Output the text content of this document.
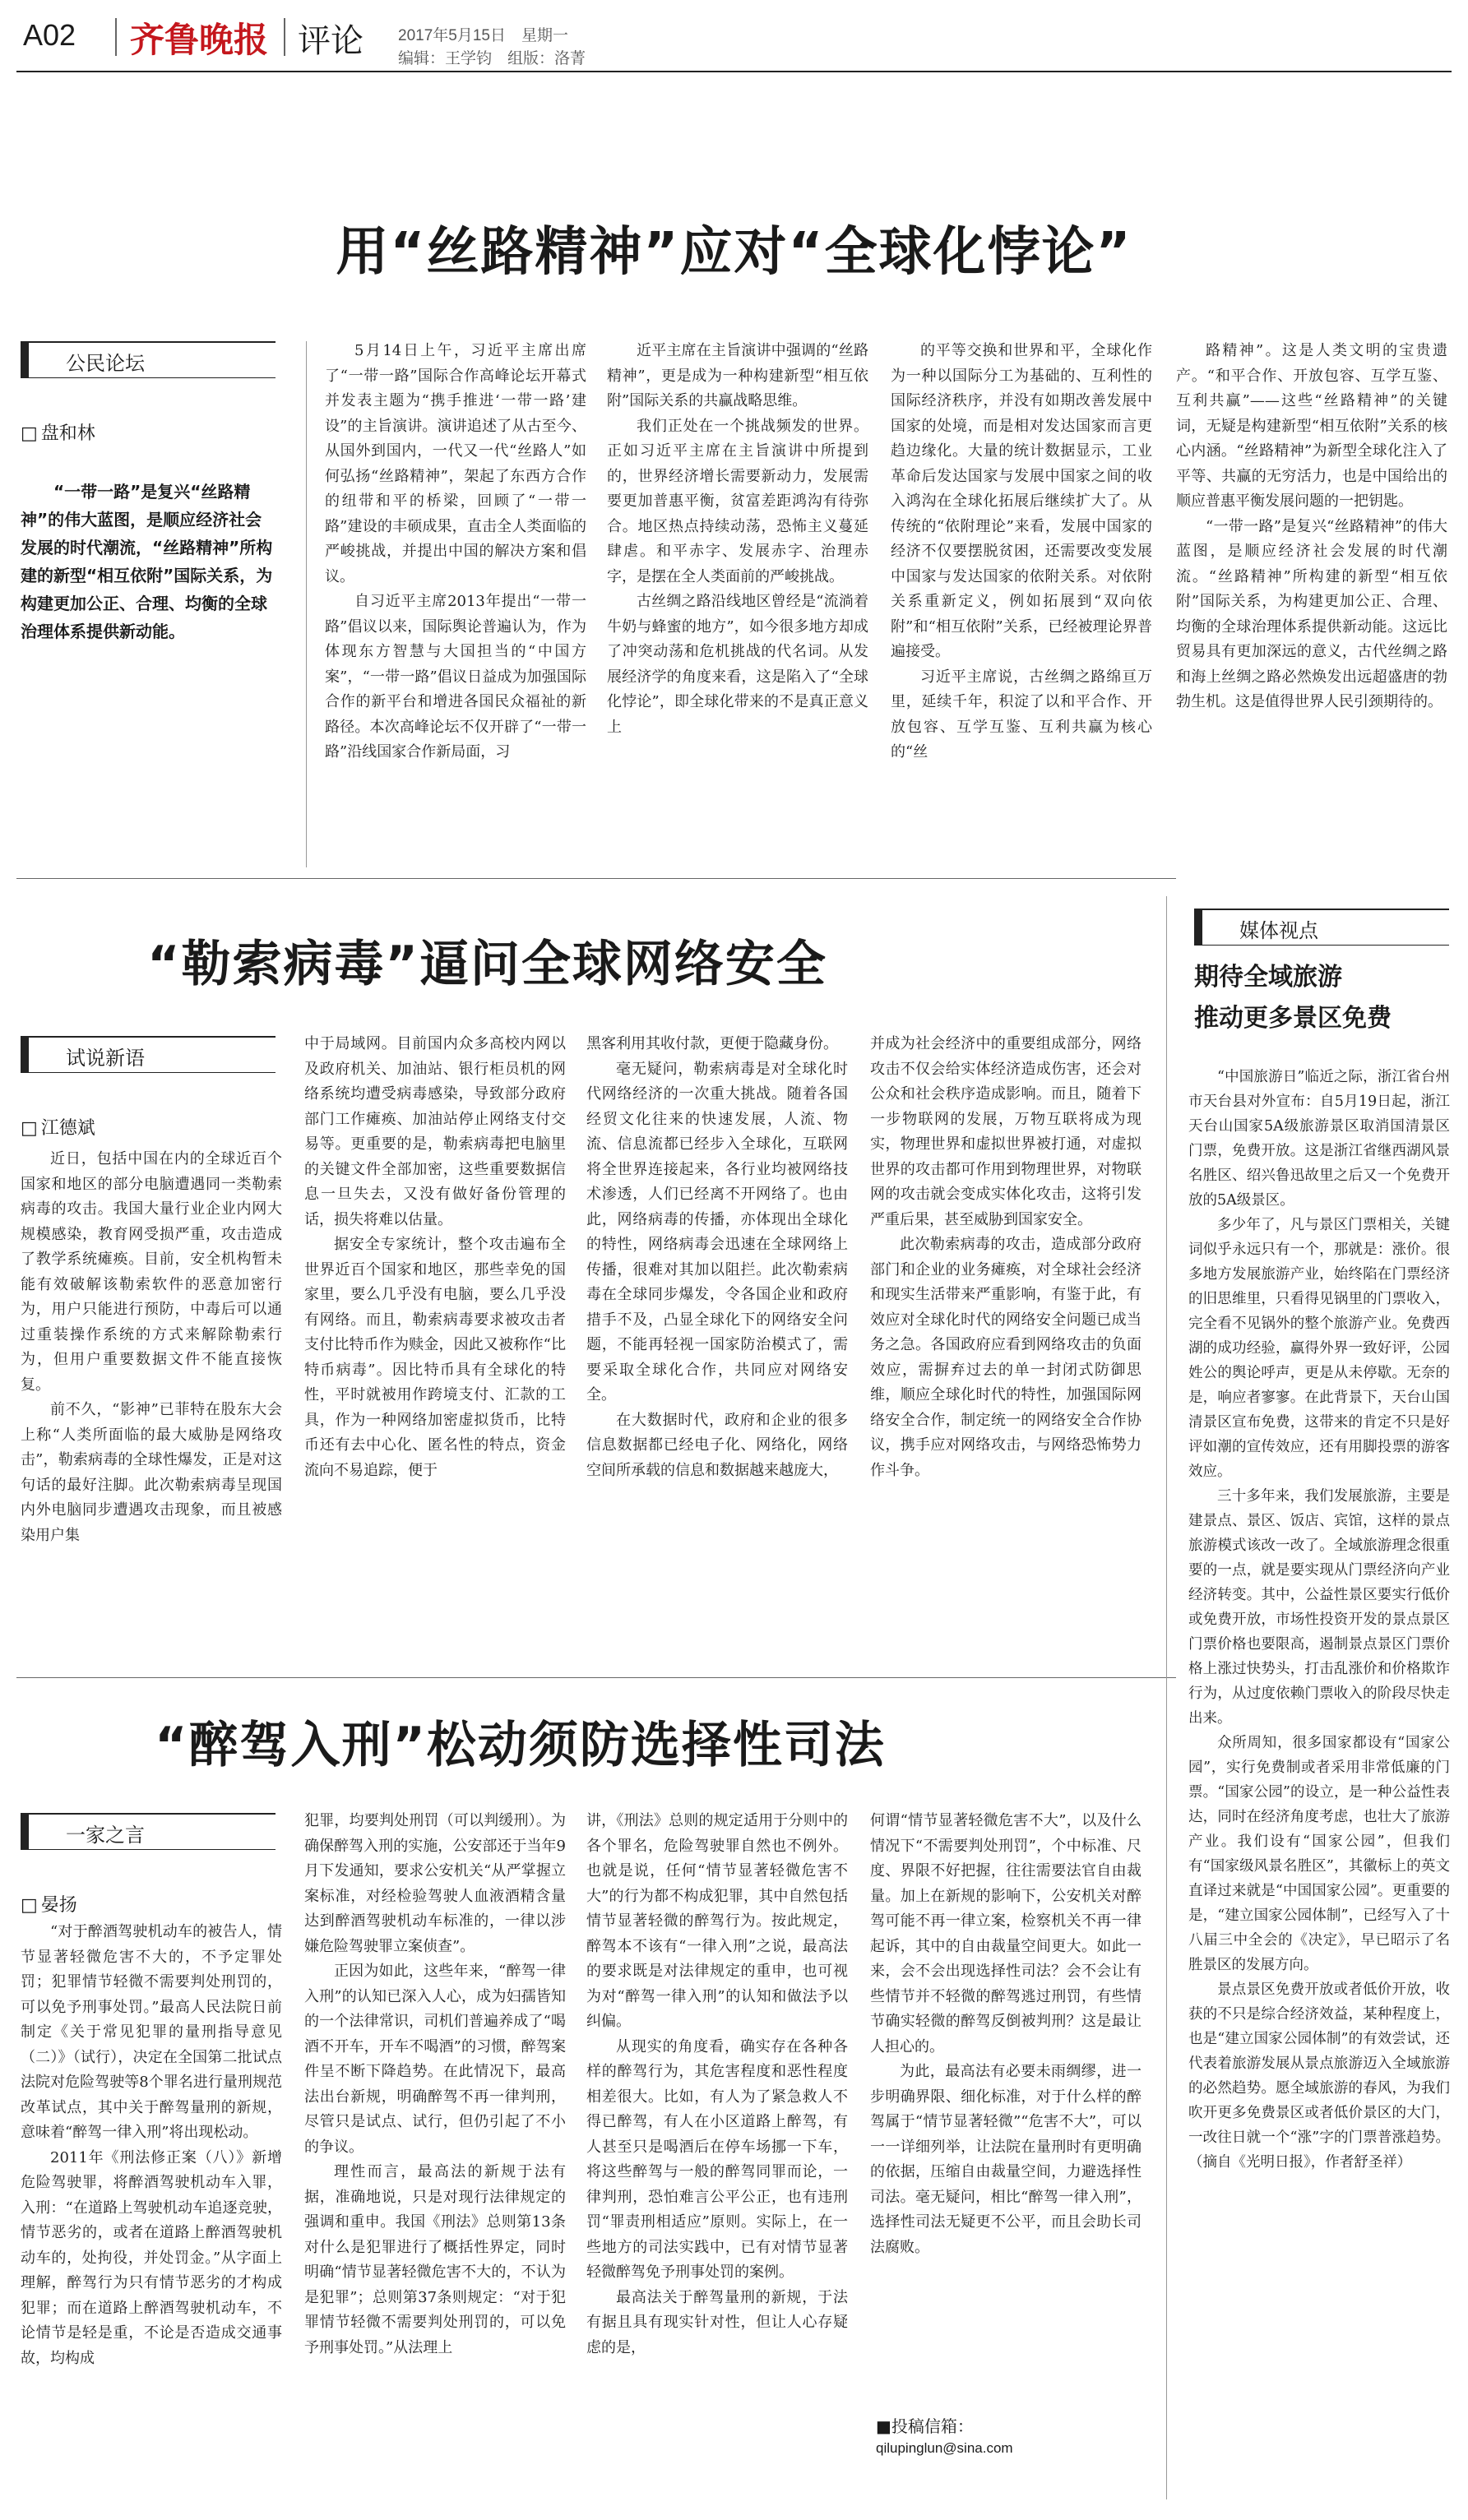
A02 齐鲁晚报 评论 2017年5月15日　星期一
编辑：王学钧　组版：洛菁
用“丝路精神”应对“全球化悖论”
公民论坛
□ 盘和林
“一带一路”是复兴“丝路精神”的伟大蓝图，是顺应经济社会发展的时代潮流，“丝路精神”所构建的新型“相互依附”国际关系，为构建更加公正、合理、均衡的全球治理体系提供新动能。

5月14日上午，习近平主席出席了“一带一路”国际合作高峰论坛开幕式并发表主题为“携手推进‘一带一路’建设”的主旨演讲。演讲追述了从古至今、从国外到国内，一代又一代“丝路人”如何弘扬“丝路精神”，架起了东西方合作的纽带和平的桥梁，回顾了“一带一路”建设的丰硕成果，直击全人类面临的严峻挑战，并提出中国的解决方案和倡议。

自习近平主席2013年提出“一带一路”倡议以来，国际舆论普遍认为，作为体现东方智慧与大国担当的“中国方案”，“一带一路”倡议日益成为加强国际合作的新平台和增进各国民众福祉的新路径。本次高峰论坛不仅开辟了“一带一路”沿线国家合作新局面，习

近平主席在主旨演讲中强调的“丝路精神”，更是成为一种构建新型“相互依附”国际关系的共赢战略思维。

我们正处在一个挑战频发的世界。正如习近平主席在主旨演讲中所提到的，世界经济增长需要新动力，发展需要更加普惠平衡，贫富差距鸿沟有待弥合。地区热点持续动荡，恐怖主义蔓延肆虐。和平赤字、发展赤字、治理赤字，是摆在全人类面前的严峻挑战。

古丝绸之路沿线地区曾经是“流淌着牛奶与蜂蜜的地方”，如今很多地方却成了冲突动荡和危机挑战的代名词。从发展经济学的角度来看，这是陷入了“全球化悖论”，即全球化带来的不是真正意义上

的平等交换和世界和平，全球化作为一种以国际分工为基础的、互利性的国际经济秩序，并没有如期改善发展中国家的处境，而是相对发达国家而言更趋边缘化。大量的统计数据显示，工业革命后发达国家与发展中国家之间的收入鸿沟在全球化拓展后继续扩大了。从传统的“依附理论”来看，发展中国家的经济不仅要摆脱贫困，还需要改变发展中国家与发达国家的依附关系。对依附关系重新定义，例如拓展到“双向依附”和“相互依附”关系，已经被理论界普遍接受。

习近平主席说，古丝绸之路绵亘万里，延续千年，积淀了以和平合作、开放包容、互学互鉴、互利共赢为核心的“丝

路精神”。这是人类文明的宝贵遗产。“和平合作、开放包容、互学互鉴、互利共赢”——这些“丝路精神”的关键词，无疑是构建新型“相互依附”关系的核心内涵。“丝路精神”为新型全球化注入了平等、共赢的无穷活力，也是中国给出的顺应普惠平衡发展问题的一把钥匙。

“一带一路”是复兴“丝路精神”的伟大蓝图，是顺应经济社会发展的时代潮流。“丝路精神”所构建的新型“相互依附”国际关系，为构建更加公正、合理、均衡的全球治理体系提供新动能。这远比贸易具有更加深远的意义，古代丝绸之路和海上丝绸之路必然焕发出远超盛唐的勃勃生机。这是值得世界人民引颈期待的。

“勒索病毒”逼问全球网络安全
试说新语
□ 江德斌

近日，包括中国在内的全球近百个国家和地区的部分电脑遭遇同一类勒索病毒的攻击。我国大量行业企业内网大规模感染，教育网受损严重，攻击造成了教学系统瘫痪。目前，安全机构暂未能有效破解该勒索软件的恶意加密行为，用户只能进行预防，中毒后可以通过重装操作系统的方式来解除勒索行为，但用户重要数据文件不能直接恢复。

前不久，“影神”已菲特在股东大会上称“人类所面临的最大威胁是网络攻击”，勒索病毒的全球性爆发，正是对这句话的最好注脚。此次勒索病毒呈现国内外电脑同步遭遇攻击现象，而且被感染用户集

中于局域网。目前国内众多高校内网以及政府机关、加油站、银行柜员机的网络系统均遭受病毒感染，导致部分政府部门工作瘫痪、加油站停止网络支付交易等。更重要的是，勒索病毒把电脑里的关键文件全部加密，这些重要数据信息一旦失去，又没有做好备份管理的话，损失将难以估量。

据安全专家统计，整个攻击遍布全世界近百个国家和地区，那些幸免的国家里，要么几乎没有电脑，要么几乎没有网络。而且，勒索病毒要求被攻击者支付比特币作为赎金，因此又被称作“比特币病毒”。因比特币具有全球化的特性，平时就被用作跨境支付、汇款的工具，作为一种网络加密虚拟货币，比特币还有去中心化、匿名性的特点，资金流向不易追踪，便于

黑客利用其收付款，更便于隐藏身份。

毫无疑问，勒索病毒是对全球化时代网络经济的一次重大挑战。随着各国经贸文化往来的快速发展，人流、物流、信息流都已经步入全球化，互联网将全世界连接起来，各行业均被网络技术渗透，人们已经离不开网络了。也由此，网络病毒的传播，亦体现出全球化的特性，网络病毒会迅速在全球网络上传播，很难对其加以阻拦。此次勒索病毒在全球同步爆发，令各国企业和政府措手不及，凸显全球化下的网络安全问题，不能再轻视一国家防治模式了，需要采取全球化合作，共同应对网络安全。

在大数据时代，政府和企业的很多信息数据都已经电子化、网络化，网络空间所承载的信息和数据越来越庞大，

并成为社会经济中的重要组成部分，网络攻击不仅会给实体经济造成伤害，还会对公众和社会秩序造成影响。而且，随着下一步物联网的发展，万物互联将成为现实，物理世界和虚拟世界被打通，对虚拟世界的攻击都可作用到物理世界，对物联网的攻击就会变成实体化攻击，这将引发严重后果，甚至威胁到国家安全。

此次勒索病毒的攻击，造成部分政府部门和企业的业务瘫痪，对全球社会经济和现实生活带来严重影响，有鉴于此，有效应对全球化时代的网络安全问题已成当务之急。各国政府应看到网络攻击的负面效应，需摒弃过去的单一封闭式防御思维，顺应全球化时代的特性，加强国际网络安全合作，制定统一的网络安全合作协议，携手应对网络攻击，与网络恐怖势力作斗争。

“醉驾入刑”松动须防选择性司法
一家之言
□ 晏扬

“对于醉酒驾驶机动车的被告人，情节显著轻微危害不大的，不予定罪处罚；犯罪情节轻微不需要判处刑罚的，可以免予刑事处罚。”最高人民法院日前制定《关于常见犯罪的量刑指导意见（二）》（试行），决定在全国第二批试点法院对危险驾驶等8个罪名进行量刑规范改革试点，其中关于醉驾量刑的新规，意味着“醉驾一律入刑”将出现松动。

2011年《刑法修正案（八）》新增危险驾驶罪，将醉酒驾驶机动车入罪，入刑：“在道路上驾驶机动车追逐竞驶，情节恶劣的，或者在道路上醉酒驾驶机动车的，处拘役，并处罚金。”从字面上理解，醉驾行为只有情节恶劣的才构成犯罪；而在道路上醉酒驾驶机动车，不论情节是轻是重，不论是否造成交通事故，均构成

犯罪，均要判处刑罚（可以判缓刑）。为确保醉驾入刑的实施，公安部还于当年9月下发通知，要求公安机关“从严掌握立案标准，对经检验驾驶人血液酒精含量达到醉酒驾驶机动车标准的，一律以涉嫌危险驾驶罪立案侦查”。

正因为如此，这些年来，“醉驾一律入刑”的认知已深入人心，成为妇孺皆知的一个法律常识，司机们普遍养成了“喝酒不开车，开车不喝酒”的习惯，醉驾案件呈不断下降趋势。在此情况下，最高法出台新规，明确醉驾不再一律判刑，尽管只是试点、试行，但仍引起了不小的争议。

理性而言，最高法的新规于法有据，准确地说，只是对现行法律规定的强调和重申。我国《刑法》总则第13条对什么是犯罪进行了概括性界定，同时明确“情节显著轻微危害不大的，不认为是犯罪”；总则第37条则规定：“对于犯罪情节轻微不需要判处刑罚的，可以免予刑事处罚。”从法理上

讲，《刑法》总则的规定适用于分则中的各个罪名，危险驾驶罪自然也不例外。也就是说，任何“情节显著轻微危害不大”的行为都不构成犯罪，其中自然包括情节显著轻微的醉驾行为。按此规定，醉驾本不该有“一律入刑”之说，最高法的要求既是对法律规定的重申，也可视为对“醉驾一律入刑”的认知和做法予以纠偏。

从现实的角度看，确实存在各种各样的醉驾行为，其危害程度和恶性程度相差很大。比如，有人为了紧急救人不得已醉驾，有人在小区道路上醉驾，有人甚至只是喝酒后在停车场挪一下车，将这些醉驾与一般的醉驾同罪而论，一律判刑，恐怕难言公平公正，也有违刑罚“罪责刑相适应”原则。实际上，在一些地方的司法实践中，已有对情节显著轻微醉驾免予刑事处罚的案例。

最高法关于醉驾量刑的新规，于法有据且具有现实针对性，但让人心存疑虑的是，

何谓“情节显著轻微危害不大”，以及什么情况下“不需要判处刑罚”，个中标准、尺度、界限不好把握，往往需要法官自由裁量。加上在新规的影响下，公安机关对醉驾可能不再一律立案，检察机关不再一律起诉，其中的自由裁量空间更大。如此一来，会不会出现选择性司法？会不会让有些情节并不轻微的醉驾逃过刑罚，有些情节确实轻微的醉驾反倒被判刑？这是最让人担心的。

为此，最高法有必要未雨绸缪，进一步明确界限、细化标准，对于什么样的醉驾属于“情节显著轻微”“危害不大”，可以一一详细列举，让法院在量刑时有更明确的依据，压缩自由裁量空间，力避选择性司法。毫无疑问，相比“醉驾一律入刑”，选择性司法无疑更不公平，而且会助长司法腐败。

■投稿信箱：
qilupinglun@sina.com
媒体视点
期待全域旅游
推动更多景区免费

“中国旅游日”临近之际，浙江省台州市天台县对外宣布：自5月19日起，浙江天台山国家5A级旅游景区取消国清景区门票，免费开放。这是浙江省继西湖风景名胜区、绍兴鲁迅故里之后又一个免费开放的5A级景区。

多少年了，凡与景区门票相关，关键词似乎永远只有一个，那就是：涨价。很多地方发展旅游产业，始终陷在门票经济的旧思维里，只看得见锅里的门票收入，完全看不见锅外的整个旅游产业。免费西湖的成功经验，赢得外界一致好评，公园姓公的舆论呼声，更是从未停歇。无奈的是，响应者寥寥。在此背景下，天台山国清景区宣布免费，这带来的肯定不只是好评如潮的宣传效应，还有用脚投票的游客效应。

三十多年来，我们发展旅游，主要是建景点、景区、饭店、宾馆，这样的景点旅游模式该改一改了。全域旅游理念很重要的一点，就是要实现从门票经济向产业经济转变。其中，公益性景区要实行低价或免费开放，市场性投资开发的景点景区门票价格也要限高，遏制景点景区门票价格上涨过快势头，打击乱涨价和价格欺诈行为，从过度依赖门票收入的阶段尽快走出来。

众所周知，很多国家都设有“国家公园”，实行免费制或者采用非常低廉的门票。“国家公园”的设立，是一种公益性表达，同时在经济角度考虑，也壮大了旅游产业。我们设有“国家公园”，但我们有“国家级风景名胜区”，其徽标上的英文直译过来就是“中国国家公园”。更重要的是，“建立国家公园体制”，已经写入了十八届三中全会的《决定》，早已昭示了名胜景区的发展方向。

景点景区免费开放或者低价开放，收获的不只是综合经济效益，某种程度上，也是“建立国家公园体制”的有效尝试，还代表着旅游发展从景点旅游迈入全域旅游的必然趋势。愿全域旅游的春风，为我们吹开更多免费景区或者低价景区的大门，一改往日就一个“涨”字的门票普涨趋势。（摘自《光明日报》，作者舒圣祥）
